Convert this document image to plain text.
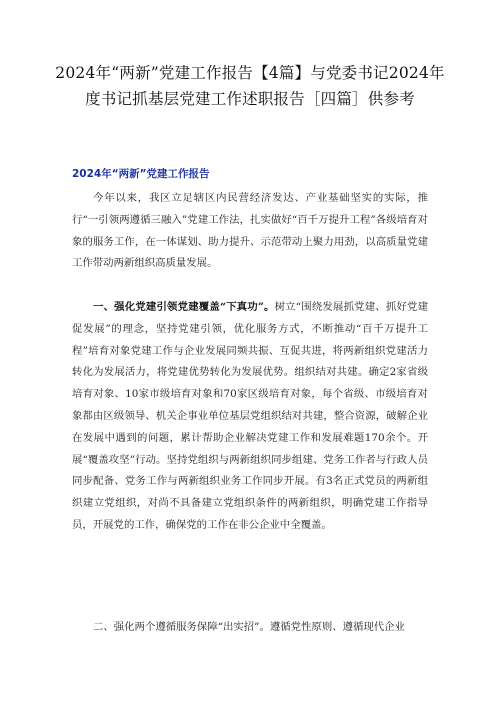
2024年“两新”党建工作报告【4篇】与党委书记2024年度书记抓基层党建工作述职报告［四篇］供参考
2024年“两新”党建工作报告

今年以来，我区立足辖区内民营经济发达、产业基础坚实的实际，推行“一引领两遵循三融入”党建工作法，扎实做好“百千万提升工程”各级培育对象的服务工作，在一体谋划、助力提升、示范带动上聚力用劲，以高质量党建工作带动两新组织高质量发展。

一、强化党建引领党建覆盖“下真功”。树立“围绕发展抓党建、抓好党建促发展”的理念，坚持党建引领，优化服务方式，不断推动“百千万提升工程”培育对象党建工作与企业发展同频共振、互促共进，将两新组织党建活力转化为发展活力，将党建优势转化为发展优势。组织结对共建。确定2家省级培育对象、10家市级培育对象和70家区级培育对象，每个省级、市级培育对象都由区级领导、机关企事业单位基层党组织结对共建，整合资源，破解企业在发展中遇到的问题，累计帮助企业解决党建工作和发展难题170余个。开展“覆盖攻坚”行动。坚持党组织与两新组织同步组建、党务工作者与行政人员同步配备、党务工作与两新组织业务工作同步开展。有3名正式党员的两新组织建立党组织，对尚不具备建立党组织条件的两新组织，明确党建工作指导员，开展党的工作，确保党的工作在非公企业中全覆盖。

二、强化两个遵循服务保障“出实招”。遵循党性原则、遵循现代企业
